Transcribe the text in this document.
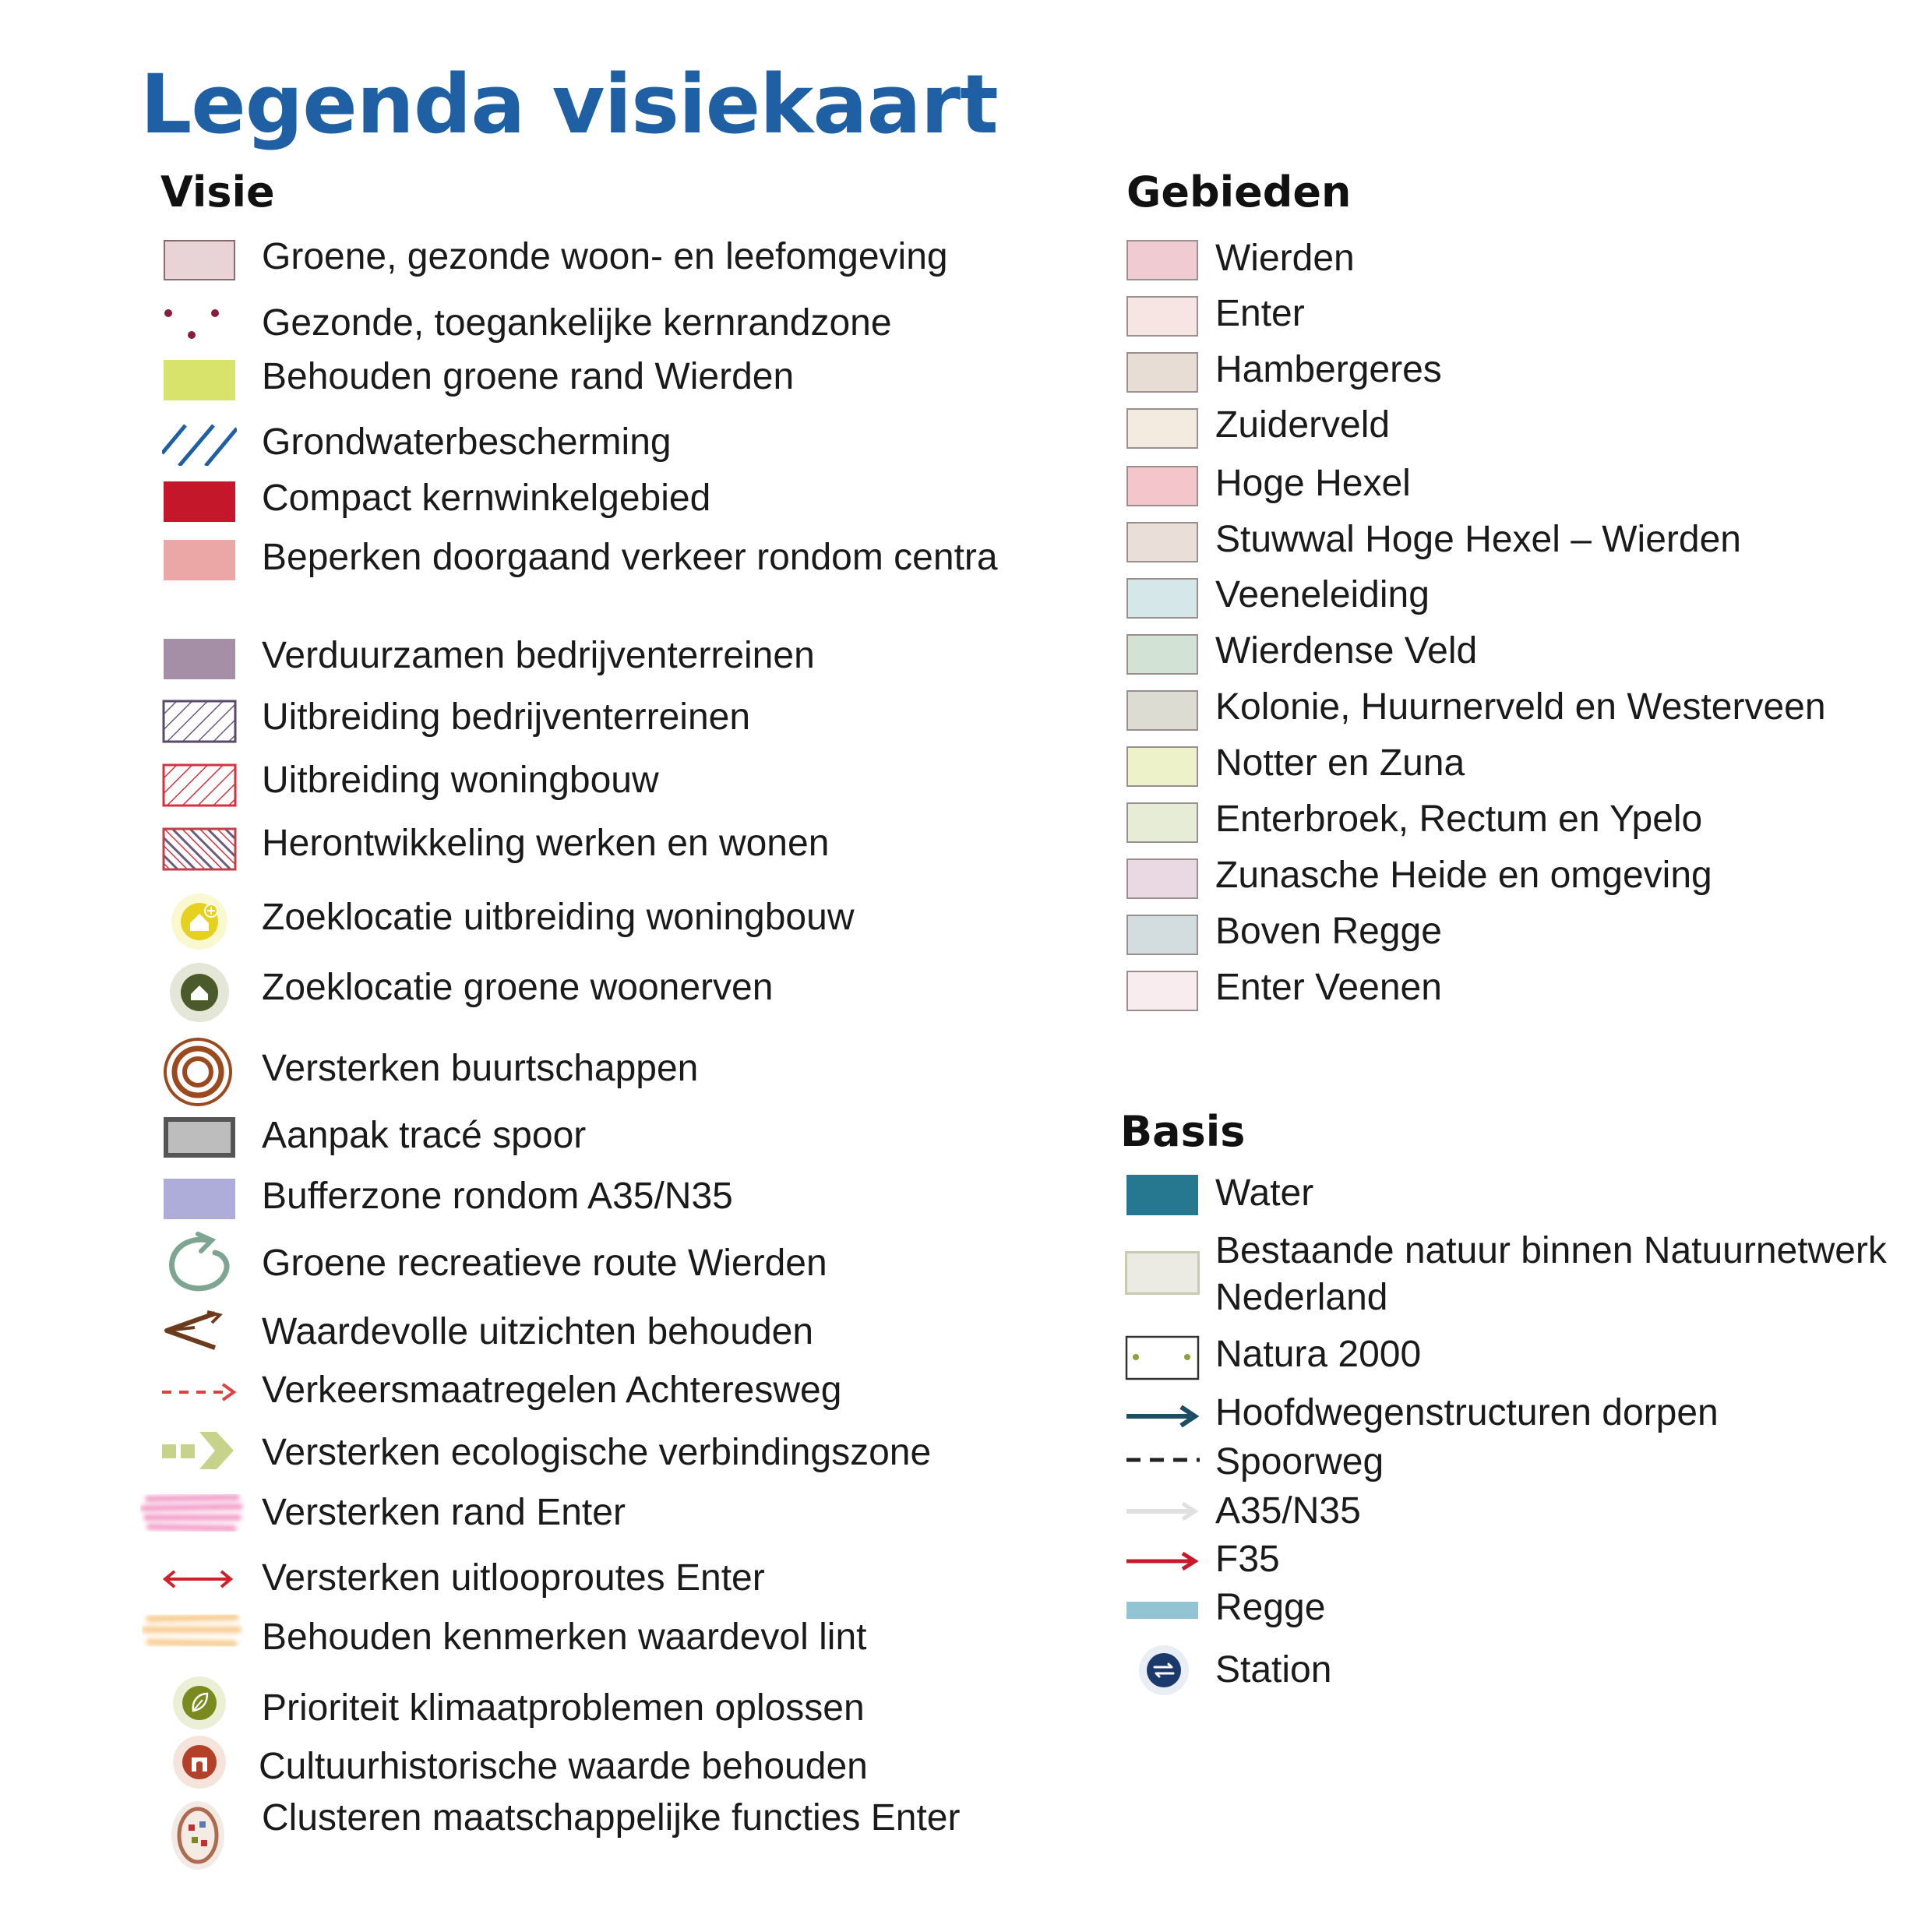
Legenda visiekaart
Visie
Groene, gezonde woon- en leefomgeving
Gezonde, toegankelijke kernrandzone
Behouden groene rand Wierden
Grondwaterbescherming
Compact kernwinkelgebied
Beperken doorgaand verkeer rondom centra
Verduurzamen bedrijventerreinen
Uitbreiding bedrijventerreinen
Uitbreiding woningbouw
Herontwikkeling werken en wonen
Zoeklocatie uitbreiding woningbouw
Zoeklocatie groene woonerven
Versterken buurtschappen
Aanpak tracé spoor
Bufferzone rondom A35/N35
Groene recreatieve route Wierden
Waardevolle uitzichten behouden
Verkeersmaatregelen Achteresweg
Versterken ecologische verbindingszone
Versterken rand Enter
Versterken uitlooproutes Enter
Behouden kenmerken waardevol lint
Prioriteit klimaatproblemen oplossen
Cultuurhistorische waarde behouden
Clusteren maatschappelijke functies Enter
Gebieden
Wierden
Enter
Hambergeres
Zuiderveld
Hoge Hexel
Stuwwal Hoge Hexel – Wierden
Veeneleiding
Wierdense Veld
Kolonie, Huurnerveld en Westerveen
Notter en Zuna
Enterbroek, Rectum en Ypelo
Zunasche Heide en omgeving
Boven Regge
Enter Veenen
Basis
Water
Bestaande natuur binnen Natuurnetwerk Nederland
Natura 2000
Hoofdwegenstructuren dorpen
Spoorweg
A35/N35
F35
Regge
Station
